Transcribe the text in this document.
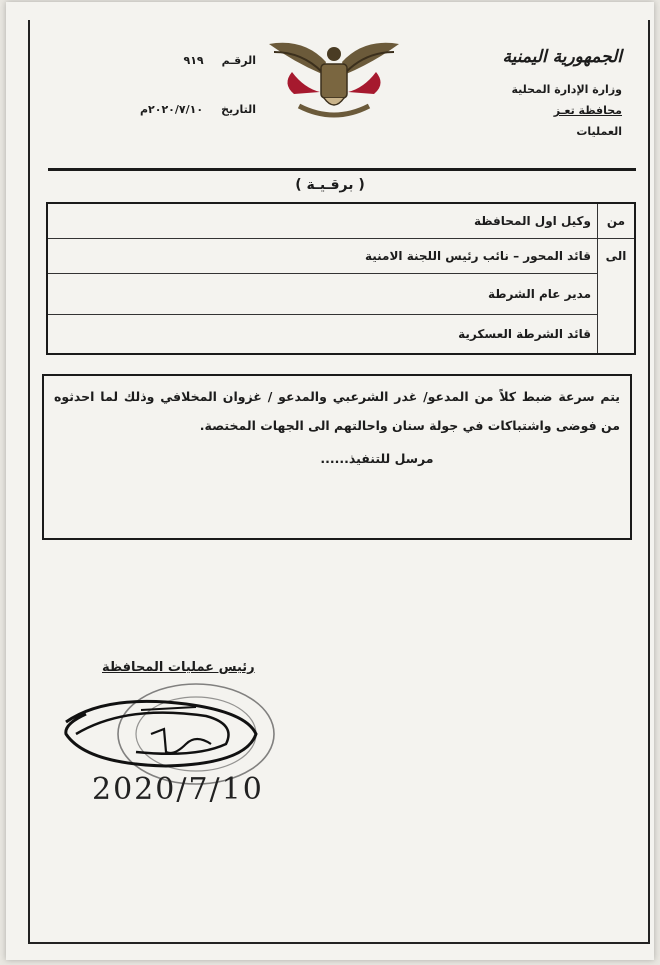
الجمهورية اليمنية
وزارة الإدارة المحلية
محافظة تعـز
العمليات
الرقـم
٩١٩
التاريخ
٢٠٢٠/٧/١٠م
( برقـيـة )
من	وكيل اول المحافظة
الى	قائد المحور – نائب رئيس اللجنة الامنية
	مدير عام الشرطة
	قائد الشرطة العسكرية

يتم سرعة ضبط كلاً من المدعو/ غدر الشرعبي والمدعو / غزوان المخلافي وذلك لما احدثوه من فوضى واشتباكات في جولة سنان واحالتهم الى الجهات المختصة.

مرسل للتنفيذ......
رئيس عمليات المحافظة
2020/7/10
